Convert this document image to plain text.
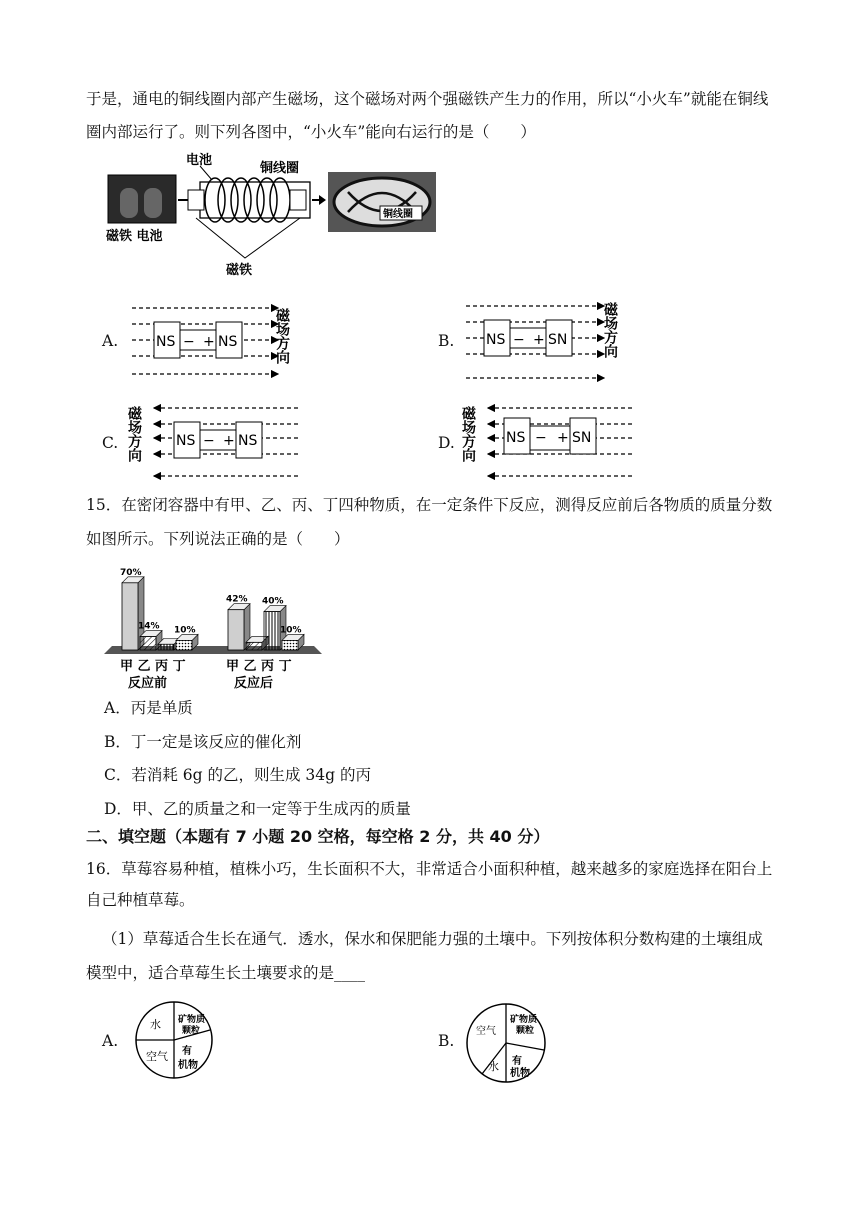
于是，通电的铜线圈内部产生磁场，这个磁场对两个强磁铁产生力的作用，所以“小火车”就能在铜线
圈内部运行了。则下列各图中，“小火车”能向右运行的是（　　）
磁铁 电池
电池
铜线圈
磁铁
铜线圈
A.	NS − + NS	磁场方向	B. NS − + SN 磁场方向
C. 磁场方向 NS − + NS	D. 磁场方向 NS − + SN
15．在密闭容器中有甲、乙、丙、丁四种物质，在一定条件下反应，测得反应前后各物质的质量分数
如图所示。下列说法正确的是（　　）
70%
14% 10%
甲 乙 丙 丁
反应前
42% 40%
10%
甲 乙 丙 丁
反应后
A．丙是单质
B．丁一定是该反应的催化剂
C．若消耗 6g 的乙，则生成 34g 的丙
D．甲、乙的质量之和一定等于生成丙的质量
二、填空题（本题有 7 小题 20 空格，每空格 2 分，共 40 分）
16．草莓容易种植，植株小巧，生长面积不大，非常适合小面积种植，越来越多的家庭选择在阳台上
自己种植草莓。
（1）草莓适合生长在通气．透水，保水和保肥能力强的土壤中。下列按体积分数构建的土壤组成
模型中，适合草莓生长土壤要求的是____
A.
水
空气
矿物质
颗粒
有
机物
B.
空气
水
矿物质
颗粒
有
机物
